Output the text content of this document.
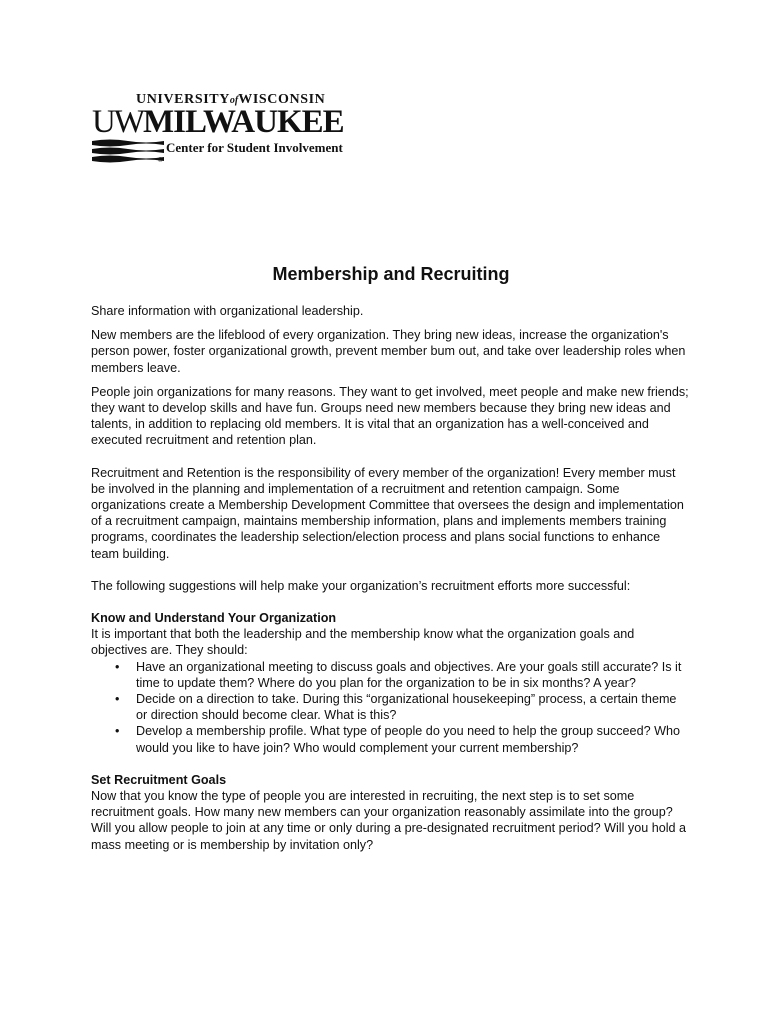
UNIVERSITYofWISCONSIN
UWMILWAUKEE
Center for Student Involvement
®
Membership and Recruiting

Share information with organizational leadership.

New members are the lifeblood of every organization. They bring new ideas, increase the organization's person power, foster organizational growth, prevent member bum out, and take over leadership roles when members leave.

People join organizations for many reasons. They want to get involved, meet people and make new friends; they want to develop skills and have fun. Groups need new members because they bring new ideas and talents, in addition to replacing old members. It is vital that an organization has a well-conceived and executed recruitment and retention plan.

Recruitment and Retention is the responsibility of every member of the organization! Every member must be involved in the planning and implementation of a recruitment and retention campaign. Some organizations create a Membership Development Committee that oversees the design and implementation of a recruitment campaign, maintains membership information, plans and implements members training programs, coordinates the leadership selection/election process and plans social functions to enhance team building.

The following suggestions will help make your organization’s recruitment efforts more successful:

Know and Understand Your Organization
It is important that both the leadership and the membership know what the organization goals and objectives are. They should:
• Have an organizational meeting to discuss goals and objectives. Are your goals still accurate? Is it time to update them? Where do you plan for the organization to be in six months? A year?
• Decide on a direction to take. During this “organizational housekeeping” process, a certain theme or direction should become clear. What is this?
• Develop a membership profile. What type of people do you need to help the group succeed? Who would you like to have join? Who would complement your current membership?
Set Recruitment Goals
Now that you know the type of people you are interested in recruiting, the next step is to set some recruitment goals. How many new members can your organization reasonably assimilate into the group? Will you allow people to join at any time or only during a pre-designated recruitment period? Will you hold a mass meeting or is membership by invitation only?
